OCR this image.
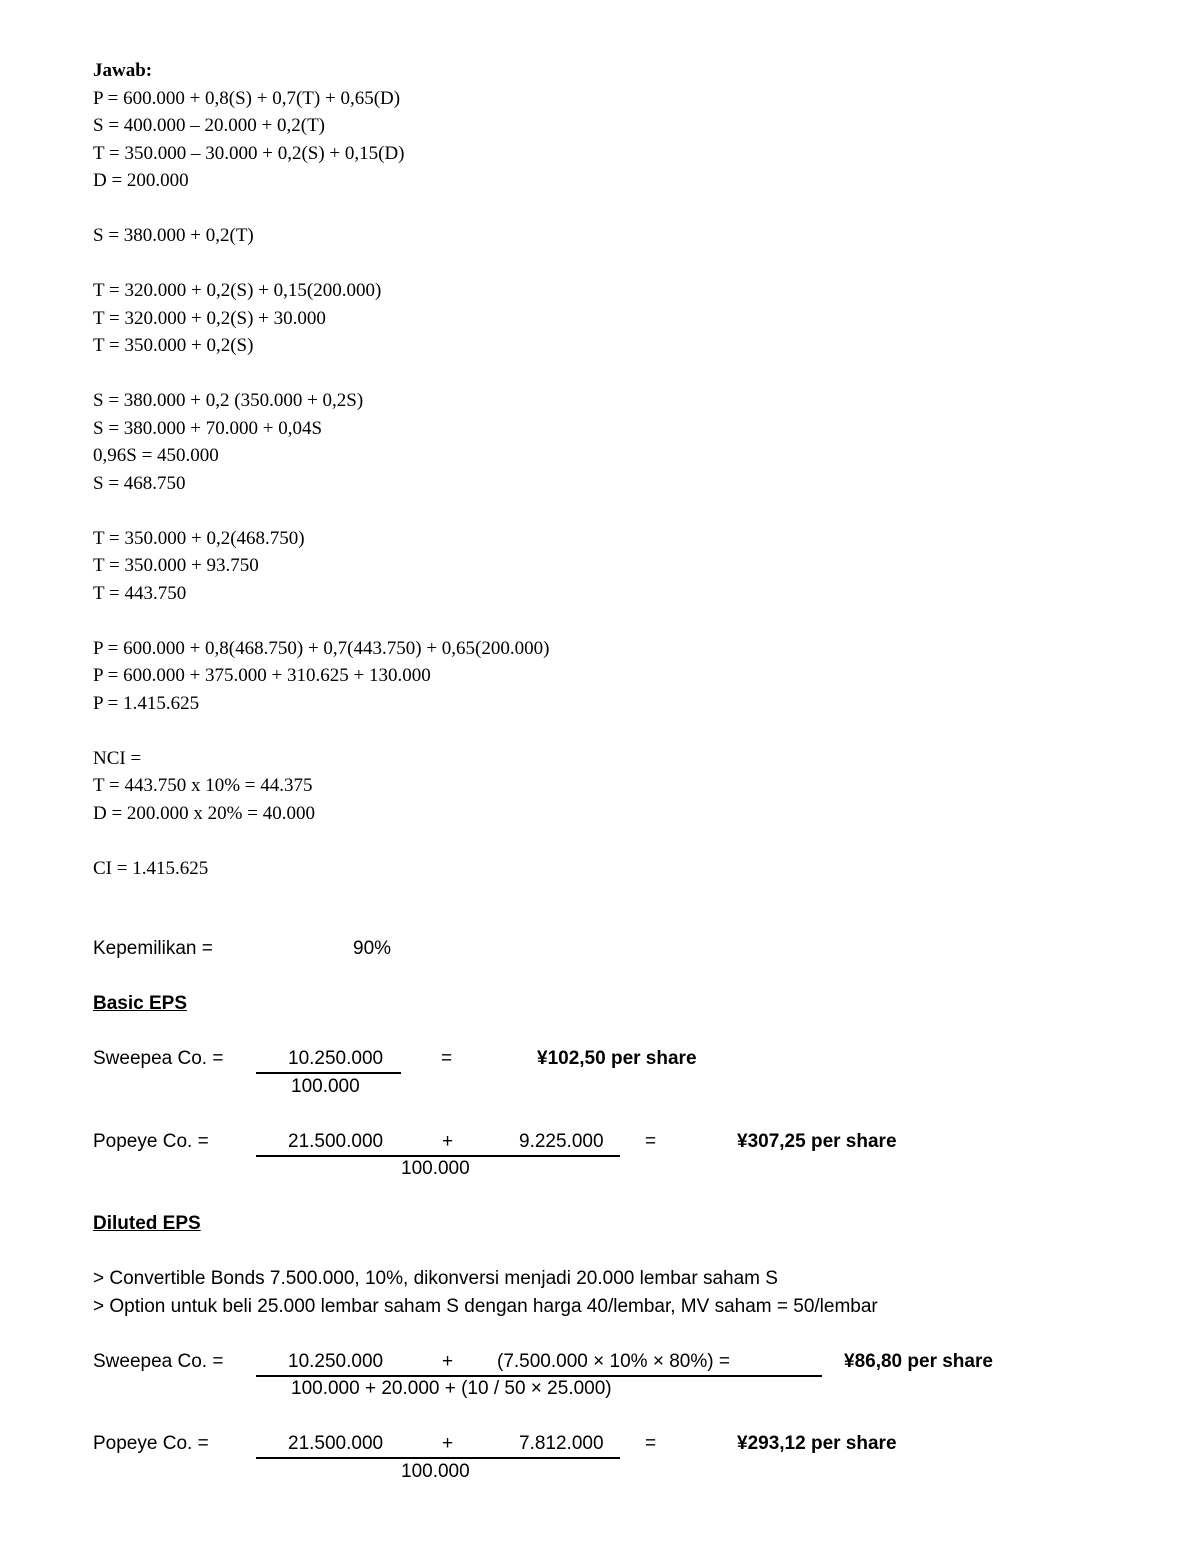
Jawab:
P = 600.000 + 0,8(S) + 0,7(T) + 0,65(D)
S = 400.000 – 20.000 + 0,2(T)
T = 350.000 – 30.000 + 0,2(S) + 0,15(D)
D = 200.000
S = 380.000 + 0,2(T)
T = 320.000 + 0,2(S) + 0,15(200.000)
T = 320.000 + 0,2(S) + 30.000
T = 350.000 + 0,2(S)
S = 380.000 + 0,2 (350.000 + 0,2S)
S = 380.000 + 70.000 + 0,04S
0,96S = 450.000
S = 468.750
T = 350.000 + 0,2(468.750)
T = 350.000 + 93.750
T = 443.750
P = 600.000 + 0,8(468.750) + 0,7(443.750) + 0,65(200.000)
P = 600.000 + 375.000 + 310.625 + 130.000
P = 1.415.625
NCI =
T = 443.750 x 10% = 44.375
D = 200.000 x 20% = 40.000
CI = 1.415.625
Kepemilikan =	90%
Basic EPS
Sweepea Co. =	10.250.000
100.000
=	¥102,50 per share
Popeye Co. =	21.500.000	+	9.225.000
100.000
=	¥307,25 per share
Diluted EPS
> Convertible Bonds 7.500.000, 10%, dikonversi menjadi 20.000 lembar saham S
> Option untuk beli 25.000 lembar saham S dengan harga 40/lembar, MV saham = 50/lembar
Sweepea Co. =	10.250.000	+ (7.500.000 × 10% × 80%) =
100.000 + 20.000 + (10 / 50 × 25.000)
¥86,80 per share
Popeye Co. =	21.500.000	+	7.812.000
100.000
=	¥293,12 per share
